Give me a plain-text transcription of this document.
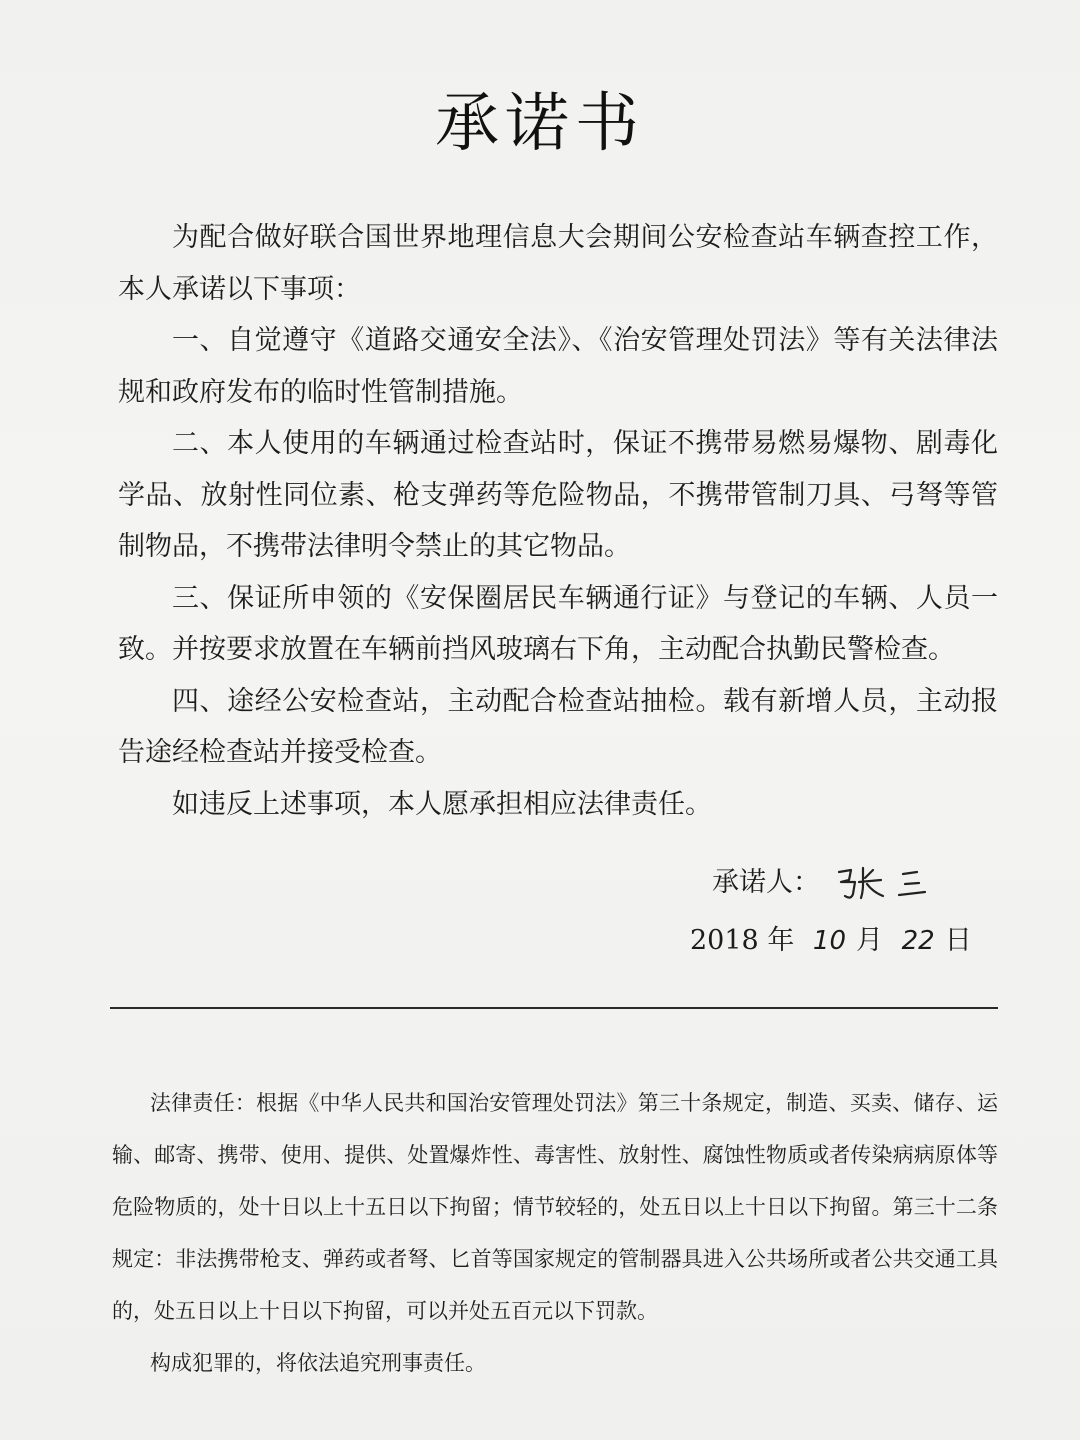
承诺书

为配合做好联合国世界地理信息大会期间公安检查站车辆查控工作，本人承诺以下事项：

一、自觉遵守《道路交通安全法》、《治安管理处罚法》等有关法律法规和政府发布的临时性管制措施。

二、本人使用的车辆通过检查站时，保证不携带易燃易爆物、剧毒化学品、放射性同位素、枪支弹药等危险物品，不携带管制刀具、弓弩等管制物品，不携带法律明令禁止的其它物品。

三、保证所申领的《安保圈居民车辆通行证》与登记的车辆、人员一致。并按要求放置在车辆前挡风玻璃右下角，主动配合执勤民警检查。

四、途经公安检查站，主动配合检查站抽检。载有新增人员，主动报告途经检查站并接受检查。

如违反上述事项，本人愿承担相应法律责任。

承诺人：
2018 年 10 月 22 日

法律责任：根据《中华人民共和国治安管理处罚法》第三十条规定，制造、买卖、储存、运输、邮寄、携带、使用、提供、处置爆炸性、毒害性、放射性、腐蚀性物质或者传染病病原体等危险物质的，处十日以上十五日以下拘留；情节较轻的，处五日以上十日以下拘留。第三十二条规定：非法携带枪支、弹药或者弩、匕首等国家规定的管制器具进入公共场所或者公共交通工具的，处五日以上十日以下拘留，可以并处五百元以下罚款。

构成犯罪的，将依法追究刑事责任。
